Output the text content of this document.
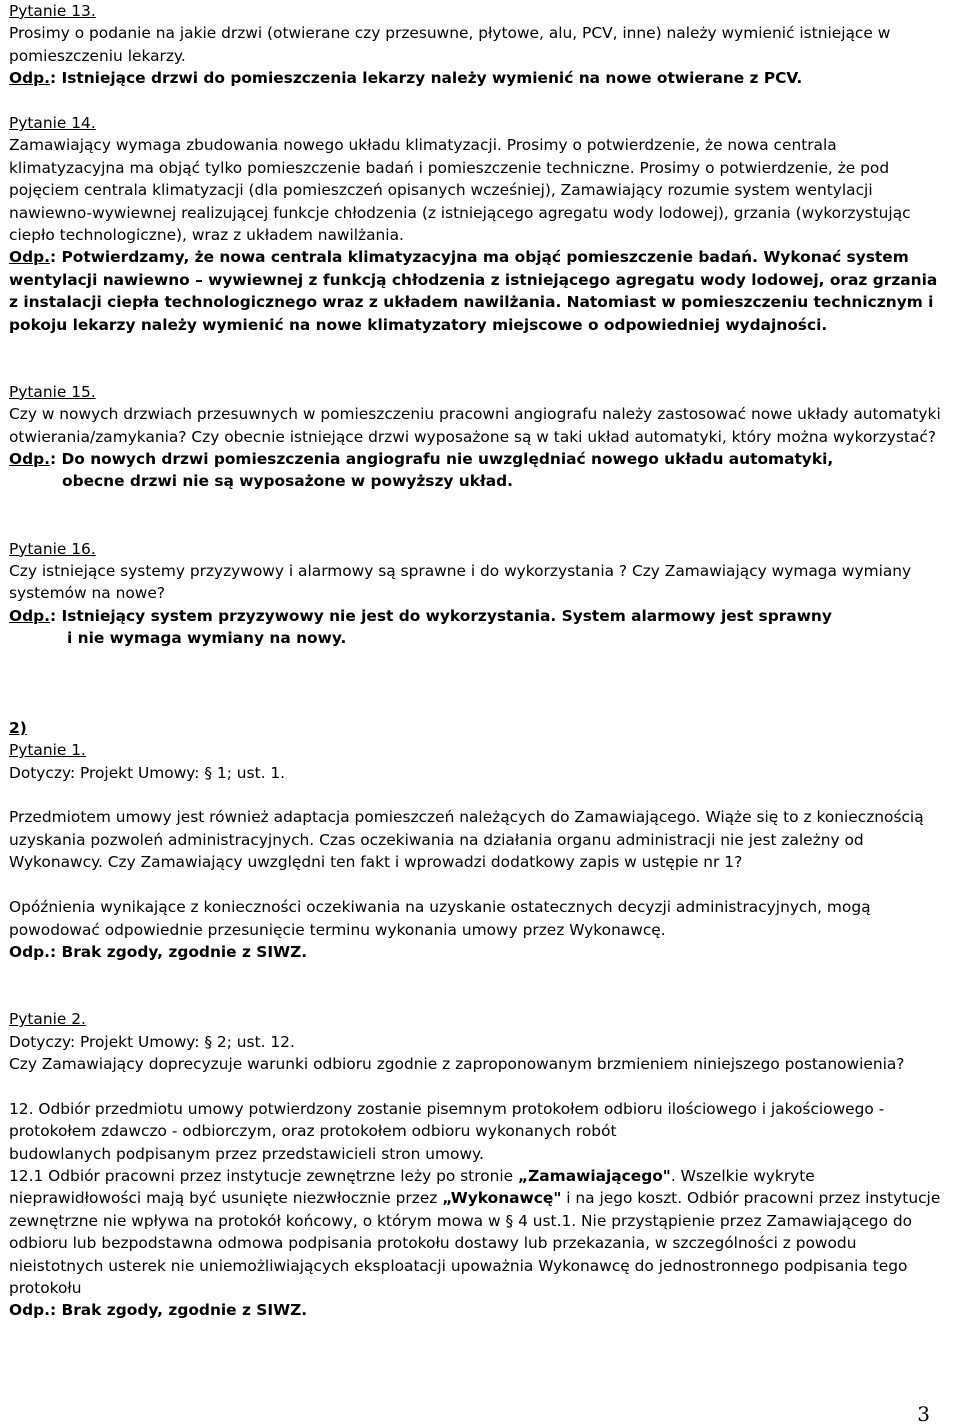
Pytanie 13.

Prosimy o podanie na jakie drzwi (otwierane czy przesuwne, płytowe, alu, PCV, inne) należy wymienić istniejące w pomieszczeniu lekarzy.

Odp.: Istniejące drzwi do pomieszczenia lekarzy należy wymienić na nowe otwierane z PCV.

Pytanie 14.

Zamawiający wymaga zbudowania nowego układu klimatyzacji. Prosimy o potwierdzenie, że nowa centrala klimatyzacyjna ma objąć tylko pomieszczenie badań i pomieszczenie techniczne. Prosimy o potwierdzenie, że pod pojęciem centrala klimatyzacji (dla pomieszczeń opisanych wcześniej), Zamawiający rozumie system wentylacji nawiewno-wywiewnej realizującej funkcje chłodzenia (z istniejącego agregatu wody lodowej), grzania (wykorzystując ciepło technologiczne), wraz z układem nawilżania.

Odp.: Potwierdzamy, że nowa centrala klimatyzacyjna ma objąć pomieszczenie badań. Wykonać system wentylacji nawiewno – wywiewnej z funkcją chłodzenia z istniejącego agregatu wody lodowej, oraz grzania z instalacji ciepła technologicznego wraz z układem nawilżania. Natomiast w pomieszczeniu technicznym i pokoju lekarzy należy wymienić na nowe klimatyzatory miejscowe o odpowiedniej wydajności.

Pytanie 15.

Czy w nowych drzwiach przesuwnych w pomieszczeniu pracowni angiografu należy zastosować nowe układy automatyki otwierania/zamykania? Czy obecnie istniejące drzwi wyposażone są w taki układ automatyki, który można wykorzystać?

Odp.: Do nowych drzwi pomieszczenia angiografu nie uwzględniać nowego układu automatyki,

obecne drzwi nie są wyposażone w powyższy układ.

Pytanie 16.

Czy istniejące systemy przyzywowy i alarmowy są sprawne i do wykorzystania ? Czy Zamawiający wymaga wymiany systemów na nowe?

Odp.: Istniejący system przyzywowy nie jest do wykorzystania. System alarmowy jest sprawny

i nie wymaga wymiany na nowy.

2)

Pytanie 1.

Dotyczy: Projekt Umowy: § 1; ust. 1.

Przedmiotem umowy jest również adaptacja pomieszczeń należących do Zamawiającego. Wiąże się to z koniecznością uzyskania pozwoleń administracyjnych. Czas oczekiwania na działania organu administracji nie jest zależny od Wykonawcy. Czy Zamawiający uwzględni ten fakt i wprowadzi dodatkowy zapis w ustępie nr 1?

Opóźnienia wynikające z konieczności oczekiwania na uzyskanie ostatecznych decyzji administracyjnych, mogą powodować odpowiednie przesunięcie terminu wykonania umowy przez Wykonawcę.

Odp.: Brak zgody, zgodnie z SIWZ.

Pytanie 2.

Dotyczy: Projekt Umowy: § 2; ust. 12.

Czy Zamawiający doprecyzuje warunki odbioru zgodnie z zaproponowanym brzmieniem niniejszego postanowienia?

12. Odbiór przedmiotu umowy potwierdzony zostanie pisemnym protokołem odbioru ilościowego i jakościowego - protokołem zdawczo - odbiorczym, oraz protokołem odbioru wykonanych robót

budowlanych podpisanym przez przedstawicieli stron umowy.

12.1 Odbiór pracowni przez instytucje zewnętrzne leży po stronie „Zamawiającego". Wszelkie wykryte nieprawidłowości mają być usunięte niezwłocznie przez „Wykonawcę" i na jego koszt. Odbiór pracowni przez instytucje zewnętrzne nie wpływa na protokół końcowy, o którym mowa w § 4 ust.1. Nie przystąpienie przez Zamawiającego do odbioru lub bezpodstawna odmowa podpisania protokołu dostawy lub przekazania, w szczególności z powodu nieistotnych usterek nie uniemożliwiających eksploatacji upoważnia Wykonawcę do jednostronnego podpisania tego protokołu

Odp.: Brak zgody, zgodnie z SIWZ.

3
